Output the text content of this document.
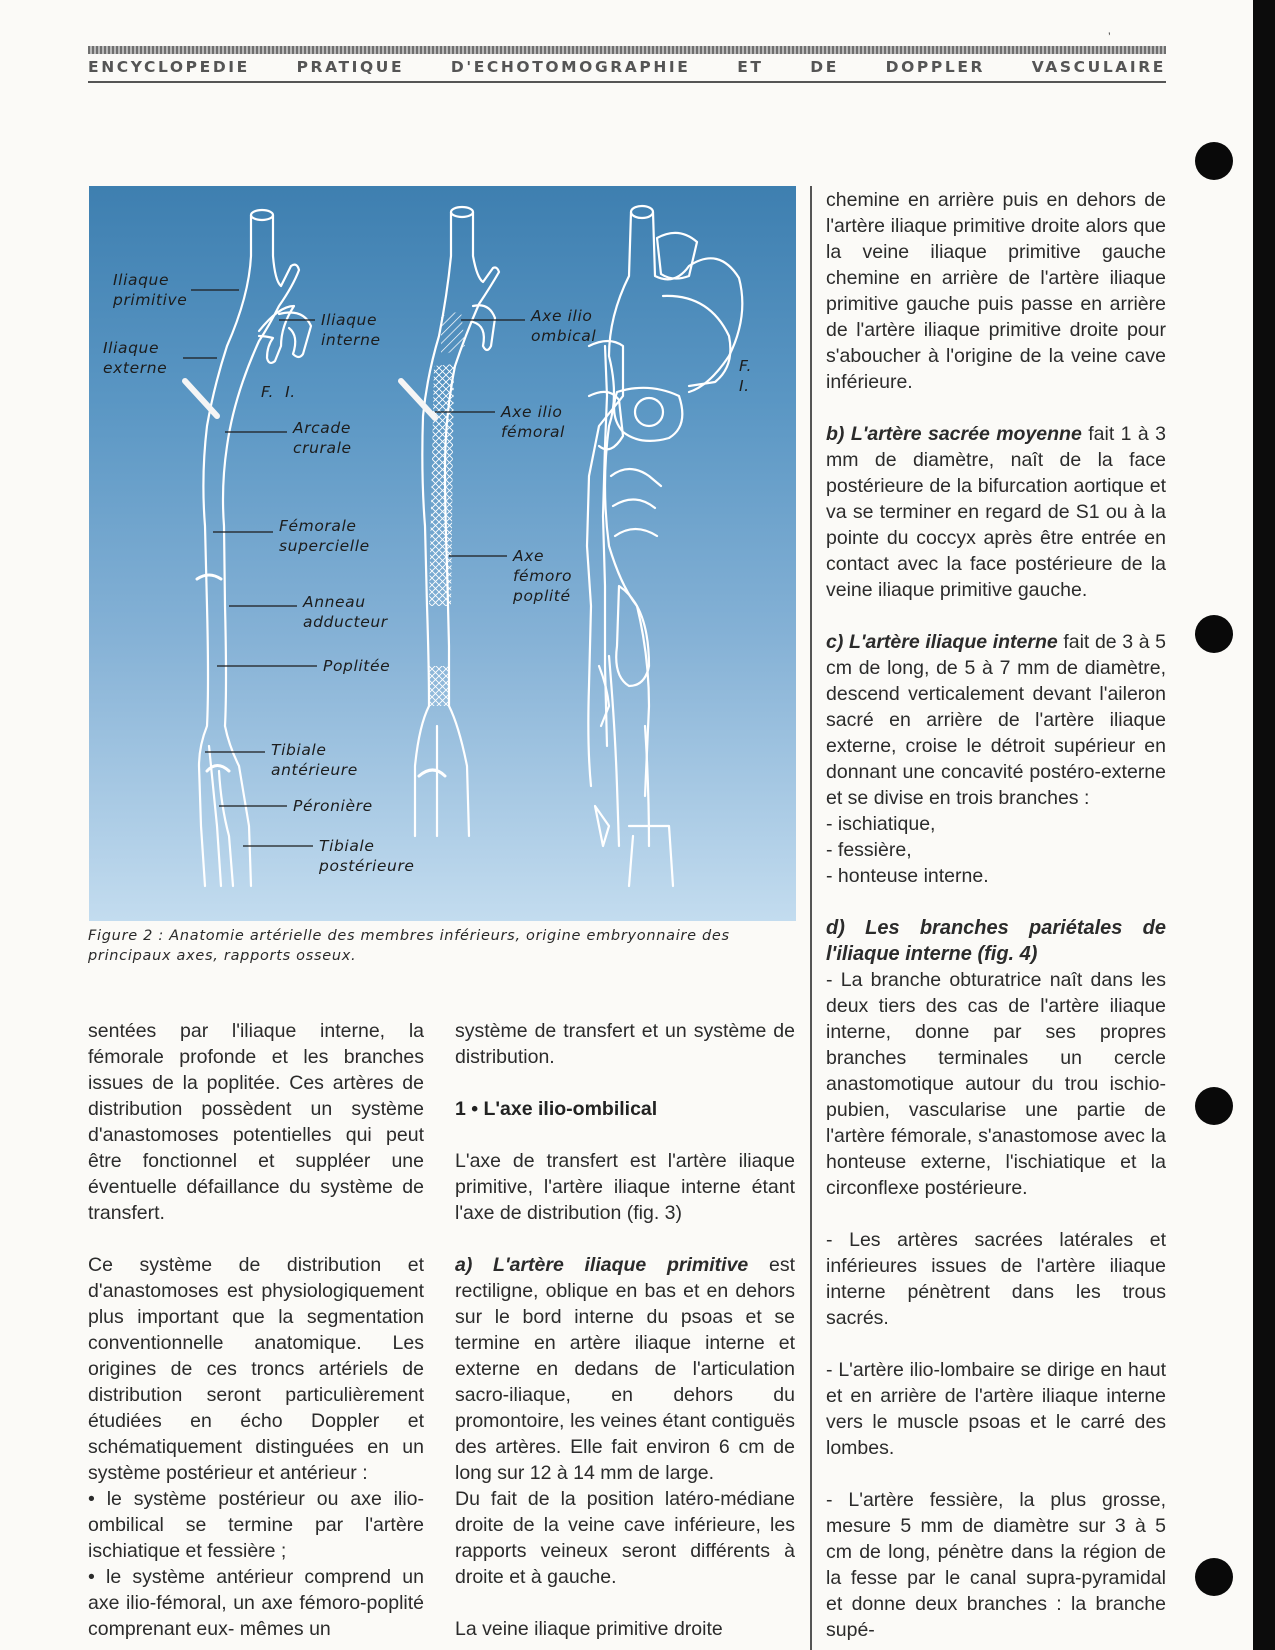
’
ENCYCLOPEDIE PRATIQUE D'ECHOTOMOGRAPHIE ET DE DOPPLER VASCULAIRE
Iliaque
primitive
Iliaque
externe
Iliaque
interne
F.  I.
Arcade
crurale
Fémorale
supercielle
Anneau
adducteur
Poplitée
Tibiale
antérieure
Péronière
Tibiale
postérieure
Axe ilio
ombical
Axe ilio
fémoral
Axe
fémoro
poplité
F.
I.
Figure 2 : Anatomie artérielle des membres inférieurs, origine embryonnaire des principaux axes, rapports osseux.

sentées par l'iliaque interne, la fémorale profonde et les branches issues de la poplitée. Ces artères de distribution possèdent un système d'anastomoses potentielles qui peut être fonctionnel et suppléer une éventuelle défaillance du système de transfert.

Ce système de distribution et d'anastomoses est physiologiquement plus important que la segmentation conventionnelle anatomique. Les origines de ces troncs artériels de distribution seront particulièrement étudiées en écho Doppler et schématiquement distinguées en un système postérieur et antérieur :

• le système postérieur ou axe ilio-ombilical se termine par l'artère ischiatique et fessière ;

• le système antérieur comprend un axe ilio-fémoral, un axe fémoro-poplité comprenant eux- mêmes un

système de transfert et un système de distribution.

1 • L'axe ilio-ombilical

L'axe de transfert est l'artère iliaque primitive, l'artère iliaque interne étant l'axe de distribution (fig. 3)

a) L'artère iliaque primitive est rectiligne, oblique en bas et en dehors sur le bord interne du psoas et se termine en artère iliaque interne et externe en dedans de l'articulation sacro-iliaque, en dehors du promontoire, les veines étant contiguës des artères. Elle fait environ 6 cm de long sur 12 à 14 mm de large.

Du fait de la position latéro-médiane droite de la veine cave inférieure, les rapports veineux seront différents à droite et à gauche.

La veine iliaque primitive droite

chemine en arrière puis en dehors de l'artère iliaque primitive droite alors que la veine iliaque primitive gauche chemine en arrière de l'artère iliaque primitive gauche puis passe en arrière de l'artère iliaque primitive droite pour s'aboucher à l'origine de la veine cave inférieure.

b) L'artère sacrée moyenne fait 1 à 3 mm de diamètre, naît de la face postérieure de la bifurcation aortique et va se terminer en regard de S1 ou à la pointe du coccyx après être entrée en contact avec la face postérieure de la veine iliaque primitive gauche.

c) L'artère iliaque interne fait de 3 à 5 cm de long, de 5 à 7 mm de diamètre, descend verticalement devant l'aileron sacré en arrière de l'artère iliaque externe, croise le détroit supérieur en donnant une concavité postéro-externe et se divise en trois branches :

- ischiatique,

- fessière,

- honteuse interne.

d) Les branches pariétales de l'iliaque interne (fig. 4)

- La branche obturatrice naît dans les deux tiers des cas de l'artère iliaque interne, donne par ses propres branches terminales un cercle anastomotique autour du trou ischio-pubien, vascularise une partie de l'artère fémorale, s'anastomose avec la honteuse externe, l'ischiatique et la circonflexe postérieure.

- Les artères sacrées latérales et inférieures issues de l'artère iliaque interne pénètrent dans les trous sacrés.

- L'artère ilio-lombaire se dirige en haut et en arrière de l'artère iliaque interne vers le muscle psoas et le carré des lombes.

- L'artère fessière, la plus grosse, mesure 5 mm de diamètre sur 3 à 5 cm de long, pénètre dans la région de la fesse par le canal supra-pyramidal et donne deux branches : la branche supé-
